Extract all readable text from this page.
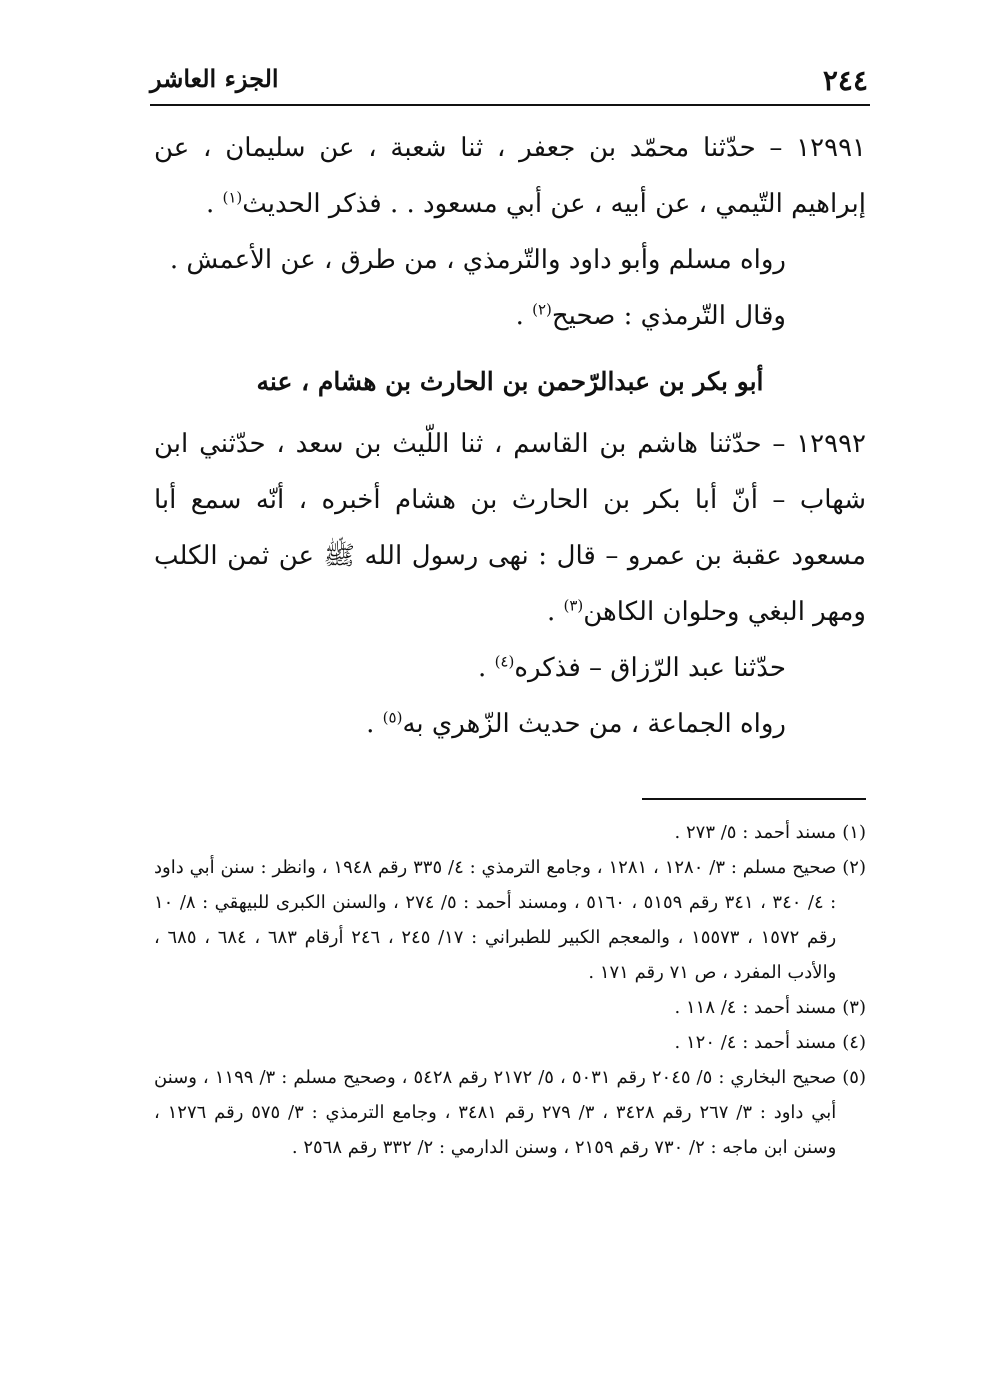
٢٤٤
الجزء العاشر

١٢٩٩١ – حدّثنا محمّد بن جعفر ، ثنا شعبة ، عن سليمان ، عن إبراهيم التّيمي ، عن أبيه ، عن أبي مسعود . . فذكر الحديث$^{(١)}$ .

رواه مسلم وأبو داود والتّرمذي ، من طرق ، عن الأعمش .

وقال التّرمذي : صحيح$^{(٢)}$ .

أبو بكر بن عبدالرّحمن بن الحارث بن هشام ، عنه

١٢٩٩٢ – حدّثنا هاشم بن القاسم ، ثنا اللّيث بن سعد ، حدّثني ابن شهاب – أنّ أبا بكر بن الحارث بن هشام أخبره ، أنّه سمع أبا مسعود عقبة بن عمرو – قال : نهى رسول الله ﷺ عن ثمن الكلب ومهر البغي وحلوان الكاهن$^{(٣)}$ .

حدّثنا عبد الرّزاق – فذكره$^{(٤)}$ .

رواه الجماعة ، من حديث الزّهري به$^{(٥)}$ .

(١)
مسند أحمد : ٥/ ٢٧٣ .

(٢)
صحيح مسلم : ٣/ ١٢٨٠ ، ١٢٨١ ، وجامع الترمذي : ٤/ ٣٣٥ رقم ١٩٤٨ ، وانظر : سنن أبي داود : ٤/ ٣٤٠ ، ٣٤١ رقم ٥١٥٩ ، ٥١٦٠ ، ومسند أحمد : ٥/ ٢٧٤ ، والسنن الكبرى للبيهقي : ٨/ ١٠ رقم ١٥٧٢ ، ١٥٥٧٣ ، والمعجم الكبير للطبراني : ١٧/ ٢٤٥ ، ٢٤٦ أرقام ٦٨٣ ، ٦٨٤ ، ٦٨٥ ، والأدب المفرد ، ص ٧١ رقم ١٧١ .

(٣)
مسند أحمد : ٤/ ١١٨ .

(٤)
مسند أحمد : ٤/ ١٢٠ .

(٥)
صحيح البخاري : ٥/ ٢٠٤٥ رقم ٥٠٣١ ، ٥/ ٢١٧٢ رقم ٥٤٢٨ ، وصحيح مسلم : ٣/ ١١٩٩ ، وسنن أبي داود : ٣/ ٢٦٧ رقم ٣٤٢٨ ، ٣/ ٢٧٩ رقم ٣٤٨١ ، وجامع الترمذي : ٣/ ٥٧٥ رقم ١٢٧٦ ، وسنن ابن ماجه : ٢/ ٧٣٠ رقم ٢١٥٩ ، وسنن الدارمي : ٢/ ٣٣٢ رقم ٢٥٦٨ .
